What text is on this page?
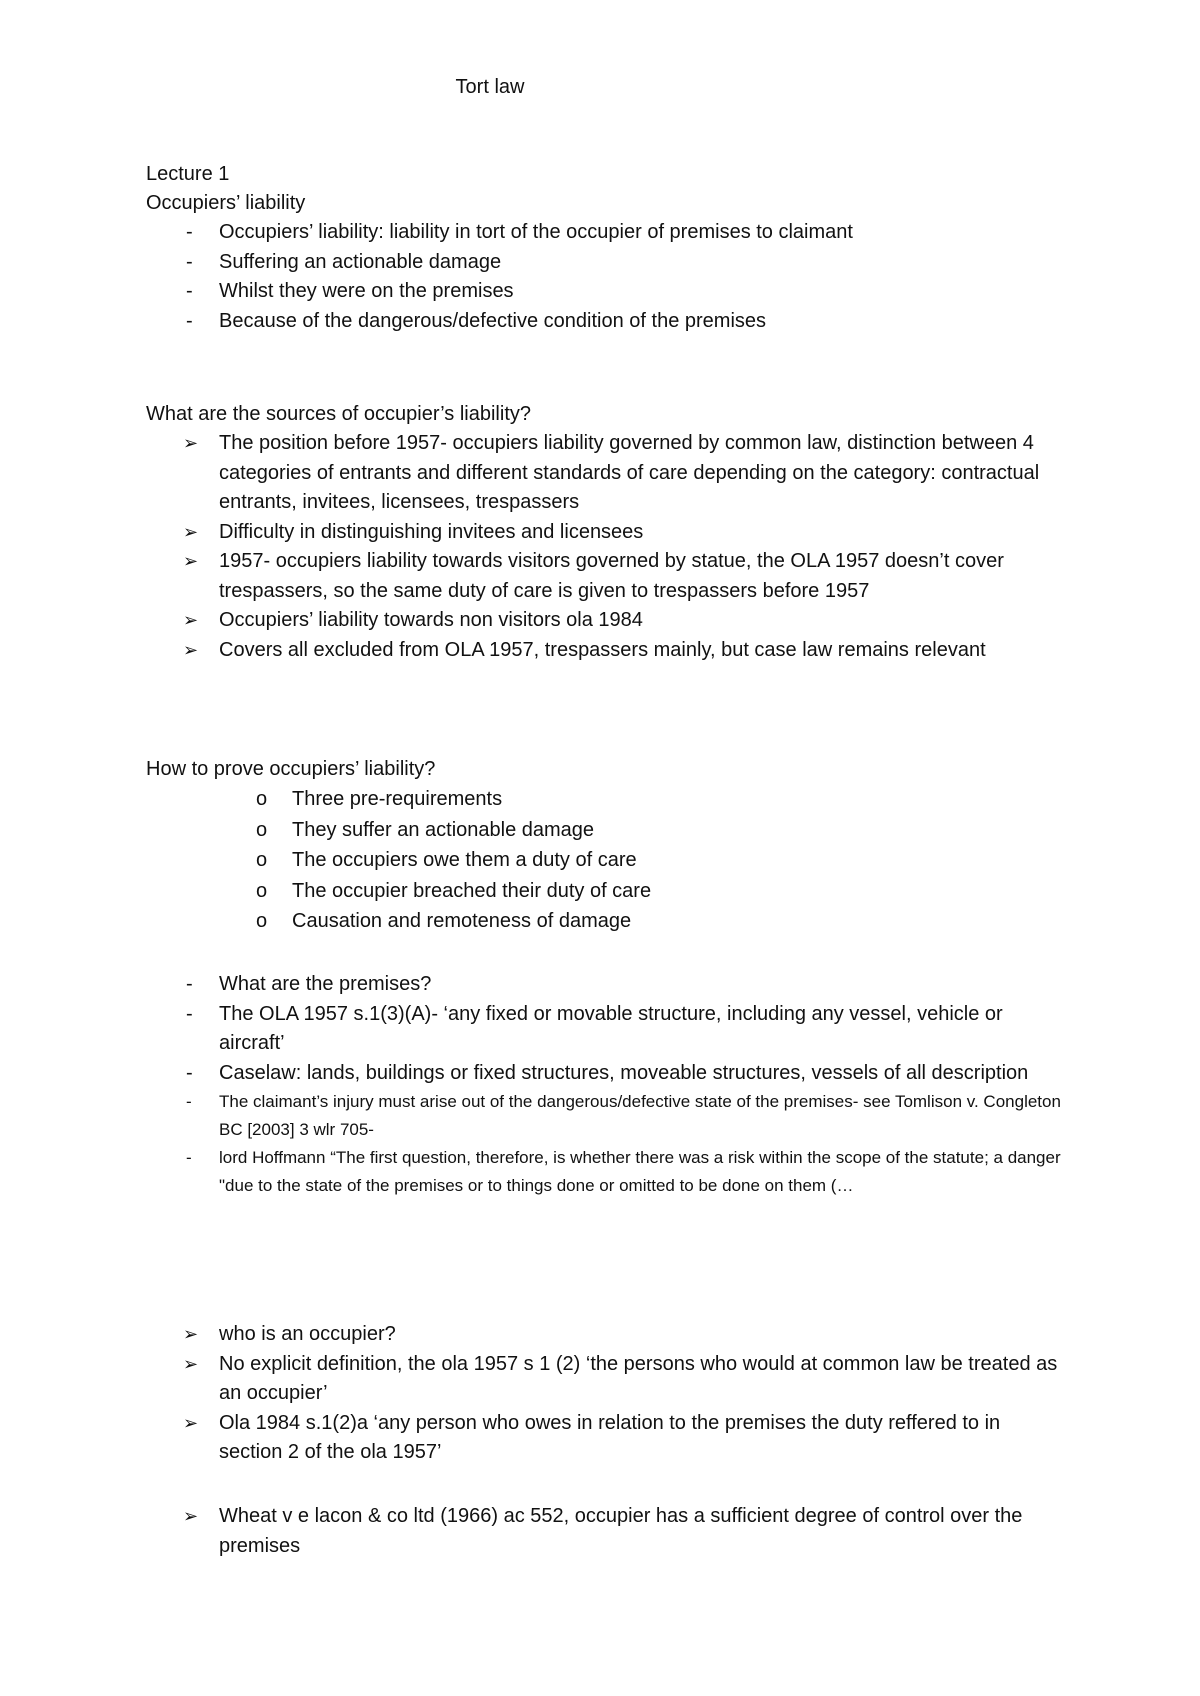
Tort law

Lecture 1

Occupiers’ liability

-	Occupiers’ liability: liability in tort of the occupier of premises to claimant
-	Suffering an actionable damage
-	Whilst they were on the premises
-	Because of the dangerous/defective condition of the premises

What are the sources of occupier’s liability?

➢	The position before 1957- occupiers liability governed by common law, distinction between 4 categories of entrants and different standards of care depending on the category: contractual entrants, invitees, licensees, trespassers
➢	Difficulty in distinguishing invitees and licensees
➢	1957- occupiers liability towards visitors governed by statue, the OLA 1957 doesn’t cover trespassers, so the same duty of care is given to trespassers before 1957
➢	Occupiers’ liability towards non visitors ola 1984
➢	Covers all excluded from OLA 1957, trespassers mainly, but case law remains relevant

How to prove occupiers’ liability?

o	Three pre-requirements
o	They suffer an actionable damage
o	The occupiers owe them a duty of care
o	The occupier breached their duty of care
o	Causation and remoteness of damage
-	What are the premises?
-	The OLA 1957 s.1(3)(A)- ‘any fixed or movable structure, including any vessel, vehicle or aircraft’
-	Caselaw: lands, buildings or fixed structures, moveable structures, vessels of all description
-	The claimant’s injury must arise out of the dangerous/defective state of the premises- see Tomlison v. Congleton BC [2003] 3 wlr 705-
-	lord Hoffmann “The first question, therefore, is whether there was a risk within the scope of the statute; a danger "due to the state of the premises or to things done or omitted to be done on them (…
➢	who is an occupier?
➢	No explicit definition, the ola 1957 s 1 (2) ‘the persons who would at common law be treated as an occupier’
➢	Ola 1984 s.1(2)a ‘any person who owes in relation to the premises the duty reffered to in section 2 of the ola 1957’
➢	Wheat v e lacon & co ltd (1966) ac 552, occupier has a sufficient degree of control over the premises
